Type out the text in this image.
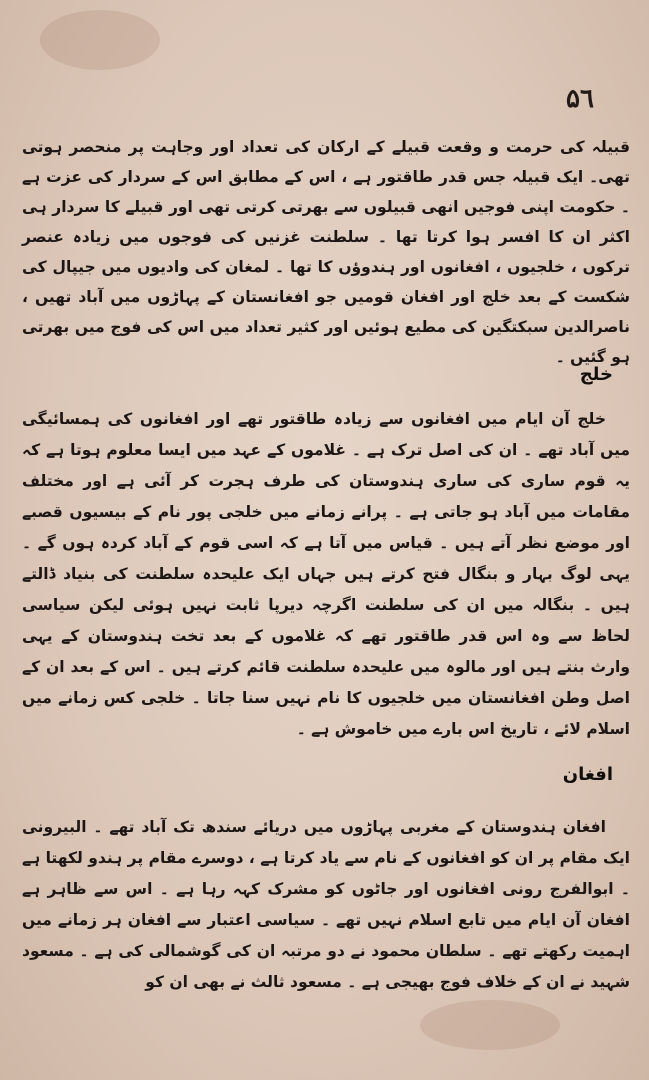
۵٦

قبیلہ کی حرمت و وقعت قبیلے کے ارکان کی تعداد اور وجاہت پر منحصر ہوتی تھی۔ ایک قبیلہ جس قدر طاقتور ہے ، اس کے مطابق اس کے سردار کی عزت ہے ۔ حکومت اپنی فوجیں انھی قبیلوں سے بھرتی کرتی تھی اور قبیلے کا سردار ہی اکثر ان کا افسر ہوا کرتا تھا ۔ سلطنت غزنیں کی فوجوں میں زیادہ عنصر ترکوں ، خلجیوں ، افغانوں اور ہندوؤں کا تھا ۔ لمغان کی وادیوں میں جیپال کی شکست کے بعد خلج اور افغان قومیں جو افغانستان کے پہاڑوں میں آباد تھیں ، ناصرالدین سبکتگین کی مطیع ہوئیں اور کثیر تعداد میں اس کی فوج میں بھرتی ہو گئیں ۔

خلج

خلج آن ایام میں افغانوں سے زیادہ طاقتور تھے اور افغانوں کی ہمسائیگی میں آباد تھے ۔ ان کی اصل ترک ہے ۔ غلاموں کے عہد میں ایسا معلوم ہوتا ہے کہ یہ قوم ساری کی ساری ہندوستان کی طرف ہجرت کر آئی ہے اور مختلف مقامات میں آباد ہو جاتی ہے ۔ پرانے زمانے میں خلجی پور نام کے بیسیوں قصبے اور موضع نظر آتے ہیں ۔ قیاس میں آتا ہے کہ اسی قوم کے آباد کردہ ہوں گے ۔ یہی لوگ بہار و بنگال فتح کرتے ہیں جہاں ایک علیحدہ سلطنت کی بنیاد ڈالتے ہیں ۔ بنگالہ میں ان کی سلطنت اگرچہ دیرپا ثابت نہیں ہوئی لیکن سیاسی لحاظ سے وہ اس قدر طاقتور تھے کہ غلاموں کے بعد تخت ہندوستان کے یہی وارث بنتے ہیں اور مالوہ میں علیحدہ سلطنت قائم کرتے ہیں ۔ اس کے بعد ان کے اصل وطن افغانستان میں خلجیوں کا نام نہیں سنا جاتا ۔ خلجی کس زمانے میں اسلام لائے ، تاریخ اس بارے میں خاموش ہے ۔

افغان

افغان ہندوستان کے مغربی پہاڑوں میں دریائے سندھ تک آباد تھے ۔ البیرونی ایک مقام پر ان کو افغانوں کے نام سے یاد کرتا ہے ، دوسرے مقام پر ہندو لکھتا ہے ۔ ابوالفرج رونی افغانوں اور جاٹوں کو مشرک کہہ رہا ہے ۔ اس سے ظاہر ہے افغان آن ایام میں تابع اسلام نہیں تھے ۔ سیاسی اعتبار سے افغان ہر زمانے میں اہمیت رکھتے تھے ۔ سلطان محمود نے دو مرتبہ ان کی گوشمالی کی ہے ۔ مسعود شہید نے ان کے خلاف فوج بھیجی ہے ۔ مسعود ثالث نے بھی ان کو
